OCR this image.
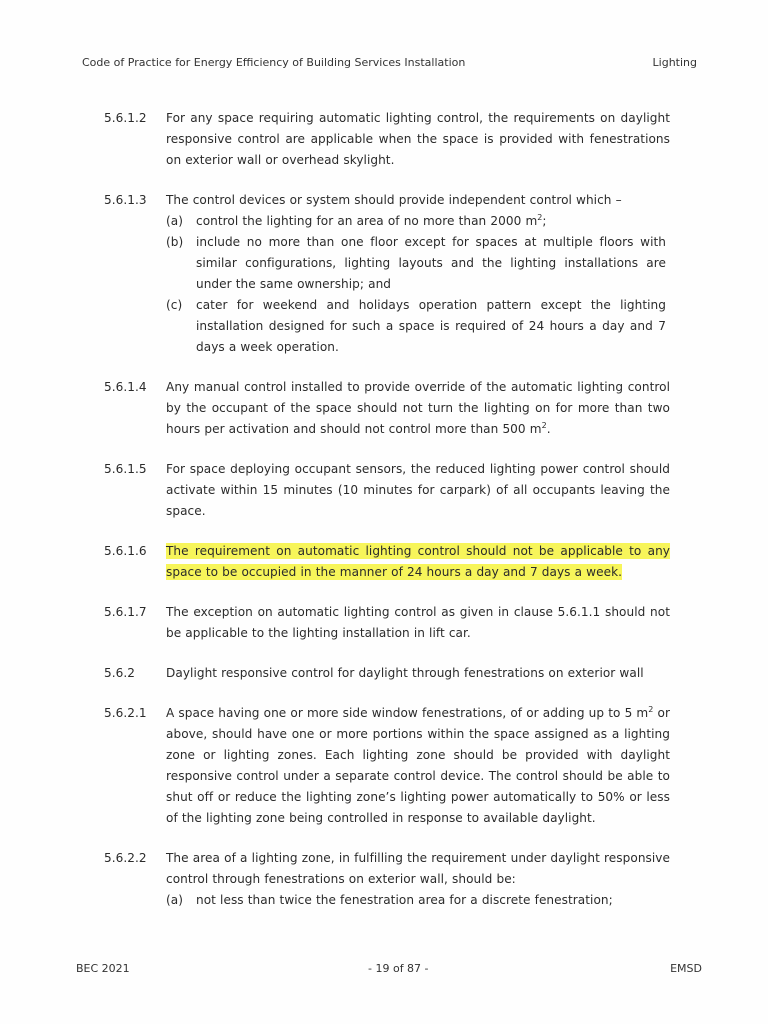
Code of Practice for Energy Efficiency of Building Services Installation	Lighting
5.6.1.2	For any space requiring automatic lighting control, the requirements on daylight responsive control are applicable when the space is provided with fenestrations on exterior wall or overhead skylight.
5.6.1.3	The control devices or system should provide independent control which –
(a)	control the lighting for an area of no more than 2000 $m^2$;
(b)	include no more than one floor except for spaces at multiple floors with similar configurations, lighting layouts and the lighting installations are under the same ownership; and
(c)	cater for weekend and holidays operation pattern except the lighting installation designed for such a space is required of 24 hours a day and 7 days a week operation.
5.6.1.4	Any manual control installed to provide override of the automatic lighting control by the occupant of the space should not turn the lighting on for more than two hours per activation and should not control more than 500 $m^2$.
5.6.1.5	For space deploying occupant sensors, the reduced lighting power control should activate within 15 minutes (10 minutes for carpark) of all occupants leaving the space.
5.6.1.6	The requirement on automatic lighting control should not be applicable to any space to be occupied in the manner of 24 hours a day and 7 days a week.
5.6.1.7	The exception on automatic lighting control as given in clause 5.6.1.1 should not be applicable to the lighting installation in lift car.
5.6.2	Daylight responsive control for daylight through fenestrations on exterior wall
5.6.2.1	A space having one or more side window fenestrations, of or adding up to 5 $m^2$ or above, should have one or more portions within the space assigned as a lighting zone or lighting zones. Each lighting zone should be provided with daylight responsive control under a separate control device. The control should be able to shut off or reduce the lighting zone’s lighting power automatically to 50% or less of the lighting zone being controlled in response to available daylight.
5.6.2.2	The area of a lighting zone, in fulfilling the requirement under daylight responsive control through fenestrations on exterior wall, should be:
(a)	not less than twice the fenestration area for a discrete fenestration;
BEC 2021	- 19 of 87 -	EMSD
